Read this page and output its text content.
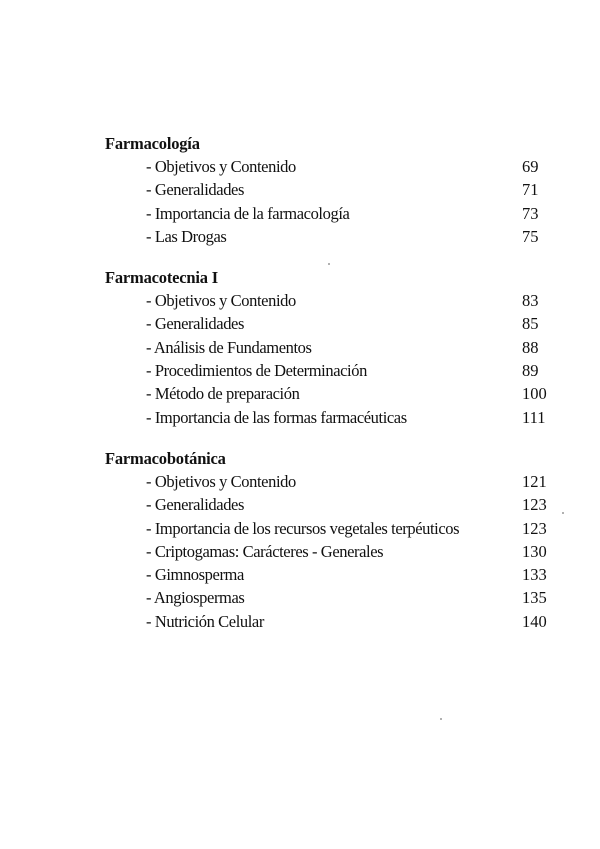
Farmacología
- Objetivos y Contenido	69
- Generalidades	71
- Importancia de la farmacología	73
- Las Drogas	75
Farmacotecnia I
- Objetivos y Contenido	83
- Generalidades	85
- Análisis de Fundamentos	88
- Procedimientos de Determinación	89
- Método de preparación	100
- Importancia de las formas farmacéuticas	111
Farmacobotánica
- Objetivos y Contenido	121
- Generalidades	123
- Importancia de los recursos vegetales terpéuticos	123
- Criptogamas: Carácteres - Generales	130
- Gimnosperma	133
- Angiospermas	135
- Nutrición Celular	140
